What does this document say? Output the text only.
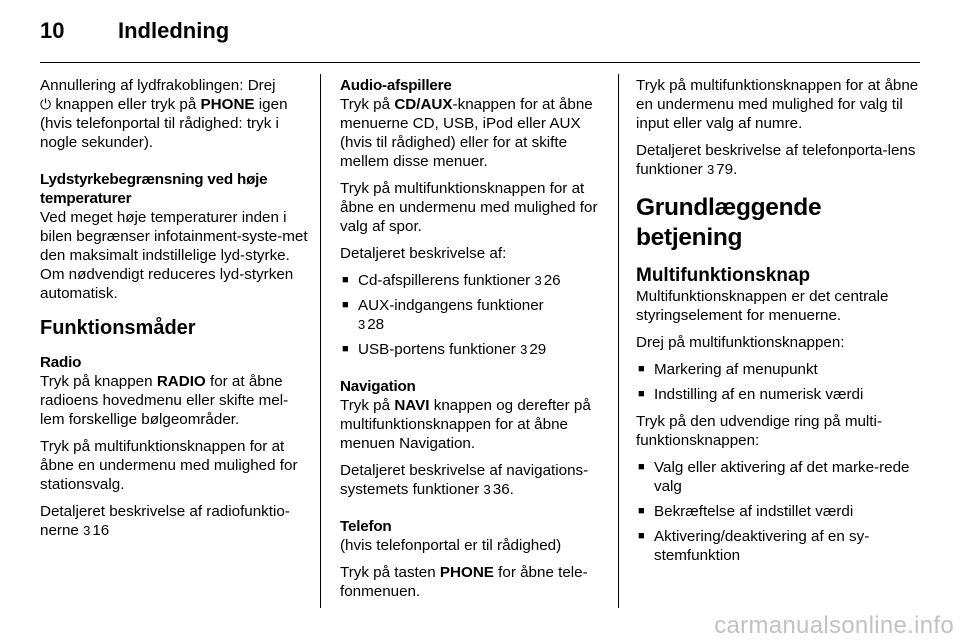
10 Indledning

Annullering af lydfrakoblingen: Drej
⏻ knappen eller tryk på PHONE igen (hvis telefonportal til rådighed: tryk i nogle sekunder).

Lydstyrkebegrænsning ved høje temperaturer

Ved meget høje temperaturer inden i bilen begrænser infotainment-syste-met den maksimalt indstillelige lyd-styrke. Om nødvendigt reduceres lyd-styrken automatisk.

Funktionsmåder
Radio

Tryk på knappen RADIO for at åbne radioens hovedmenu eller skifte mel-lem forskellige bølgeområder.

Tryk på multifunktionsknappen for at åbne en undermenu med mulighed for stationsvalg.

Detaljeret beskrivelse af radiofunktio-nerne 3 16

Audio-afspillere

Tryk på CD/AUX-knappen for at åbne menuerne CD, USB, iPod eller AUX (hvis til rådighed) eller for at skifte mellem disse menuer.

Tryk på multifunktionsknappen for at åbne en undermenu med mulighed for valg af spor.

Detaljeret beskrivelse af:

■ Cd-afspillerens funktioner 3 26
■ AUX-indgangens funktioner
3 28
■ USB-portens funktioner 3 29
Navigation

Tryk på NAVI knappen og derefter på multifunktionsknappen for at åbne menuen Navigation.

Detaljeret beskrivelse af navigations-systemets funktioner 3 36.

Telefon

(hvis telefonportal er til rådighed)

Tryk på tasten PHONE for åbne tele-fonmenuen.

Tryk på multifunktionsknappen for at åbne en undermenu med mulighed for valg til input eller valg af numre.

Detaljeret beskrivelse af telefonporta-lens funktioner 3 79.

Grundlæggende betjening
Multifunktionsknap

Multifunktionsknappen er det centrale styringselement for menuerne.

Drej på multifunktionsknappen:

■ Markering af menupunkt
■ Indstilling af en numerisk værdi

Tryk på den udvendige ring på multi-funktionsknappen:

■ Valg eller aktivering af det marke-rede valg
■ Bekræftelse af indstillet værdi
■ Aktivering/deaktivering af en sy-stemfunktion
carmanualsonline.info
